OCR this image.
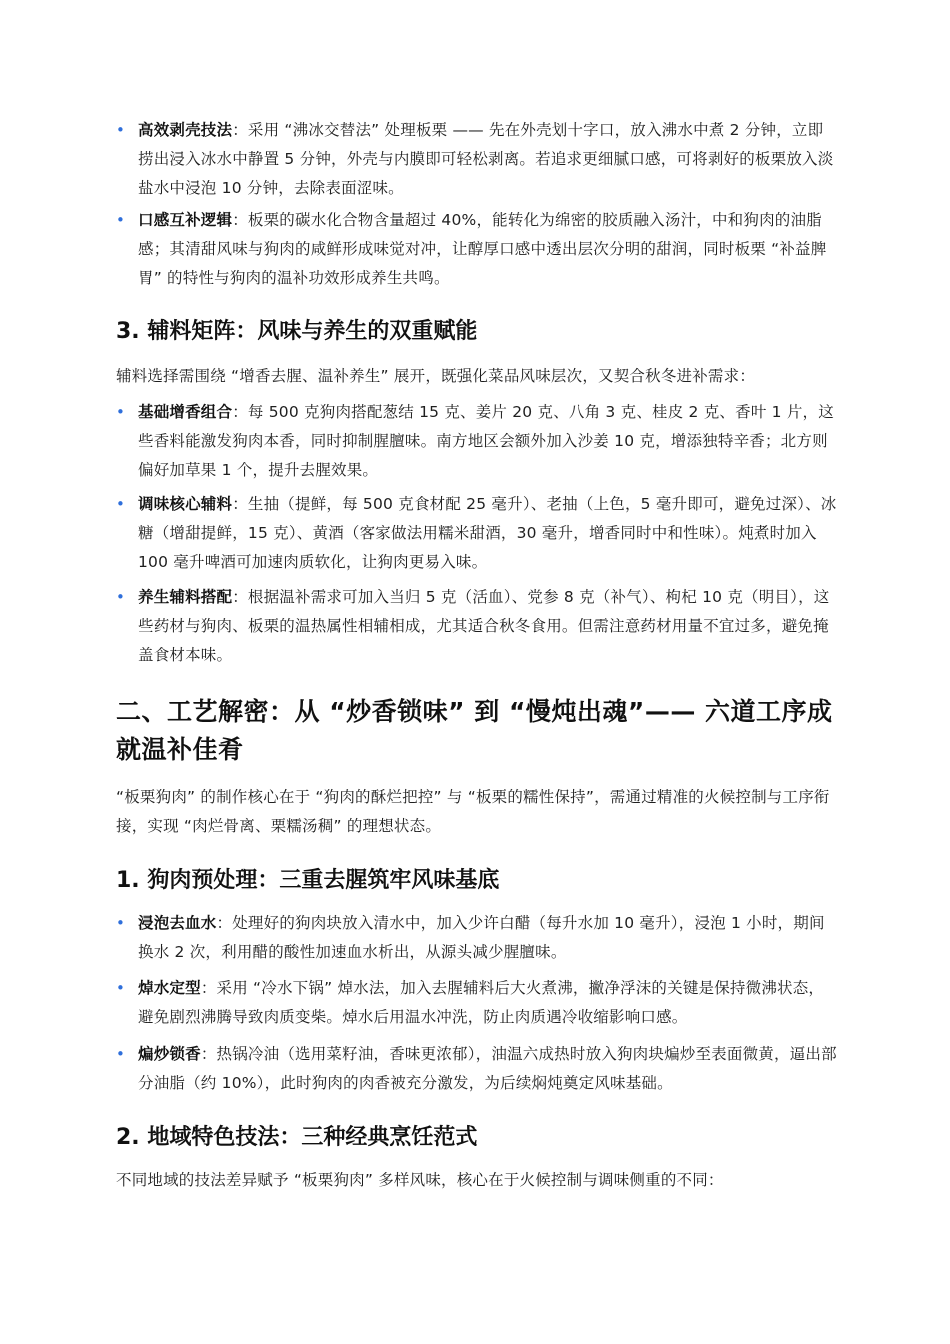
• 高效剥壳技法：采用 “沸冰交替法” 处理板栗 —— 先在外壳划十字口，放入沸水中煮 2 分钟，立即捞出浸入冰水中静置 5 分钟，外壳与内膜即可轻松剥离。若追求更细腻口感，可将剥好的板栗放入淡盐水中浸泡 10 分钟，去除表面涩味。
• 口感互补逻辑：板栗的碳水化合物含量超过 40%，能转化为绵密的胶质融入汤汁，中和狗肉的油脂感；其清甜风味与狗肉的咸鲜形成味觉对冲，让醇厚口感中透出层次分明的甜润，同时板栗 “补益脾胃” 的特性与狗肉的温补功效形成养生共鸣。
3. 辅料矩阵：风味与养生的双重赋能
辅料选择需围绕 “增香去腥、温补养生” 展开，既强化菜品风味层次，又契合秋冬进补需求：
• 基础增香组合：每 500 克狗肉搭配葱结 15 克、姜片 20 克、八角 3 克、桂皮 2 克、香叶 1 片，这些香料能激发狗肉本香，同时抑制腥膻味。南方地区会额外加入沙姜 10 克，增添独特辛香；北方则偏好加草果 1 个，提升去腥效果。
• 调味核心辅料：生抽（提鲜，每 500 克食材配 25 毫升）、老抽（上色，5 毫升即可，避免过深）、冰糖（增甜提鲜，15 克）、黄酒（客家做法用糯米甜酒，30 毫升，增香同时中和性味）。炖煮时加入 100 毫升啤酒可加速肉质软化，让狗肉更易入味。
• 养生辅料搭配：根据温补需求可加入当归 5 克（活血）、党参 8 克（补气）、枸杞 10 克（明目），这些药材与狗肉、板栗的温热属性相辅相成，尤其适合秋冬食用。但需注意药材用量不宜过多，避免掩盖食材本味。
二、工艺解密：从 “炒香锁味” 到 “慢炖出魂”—— 六道工序成就温补佳肴
“板栗狗肉” 的制作核心在于 “狗肉的酥烂把控” 与 “板栗的糯性保持”，需通过精准的火候控制与工序衔接，实现 “肉烂骨离、栗糯汤稠” 的理想状态。
1. 狗肉预处理：三重去腥筑牢风味基底
• 浸泡去血水：处理好的狗肉块放入清水中，加入少许白醋（每升水加 10 毫升），浸泡 1 小时，期间换水 2 次，利用醋的酸性加速血水析出，从源头减少腥膻味。
• 焯水定型：采用 “冷水下锅” 焯水法，加入去腥辅料后大火煮沸，撇净浮沫的关键是保持微沸状态，避免剧烈沸腾导致肉质变柴。焯水后用温水冲洗，防止肉质遇冷收缩影响口感。
• 煸炒锁香：热锅冷油（选用菜籽油，香味更浓郁），油温六成热时放入狗肉块煸炒至表面微黄，逼出部分油脂（约 10%），此时狗肉的肉香被充分激发，为后续焖炖奠定风味基础。
2. 地域特色技法：三种经典烹饪范式
不同地域的技法差异赋予 “板栗狗肉” 多样风味，核心在于火候控制与调味侧重的不同：
